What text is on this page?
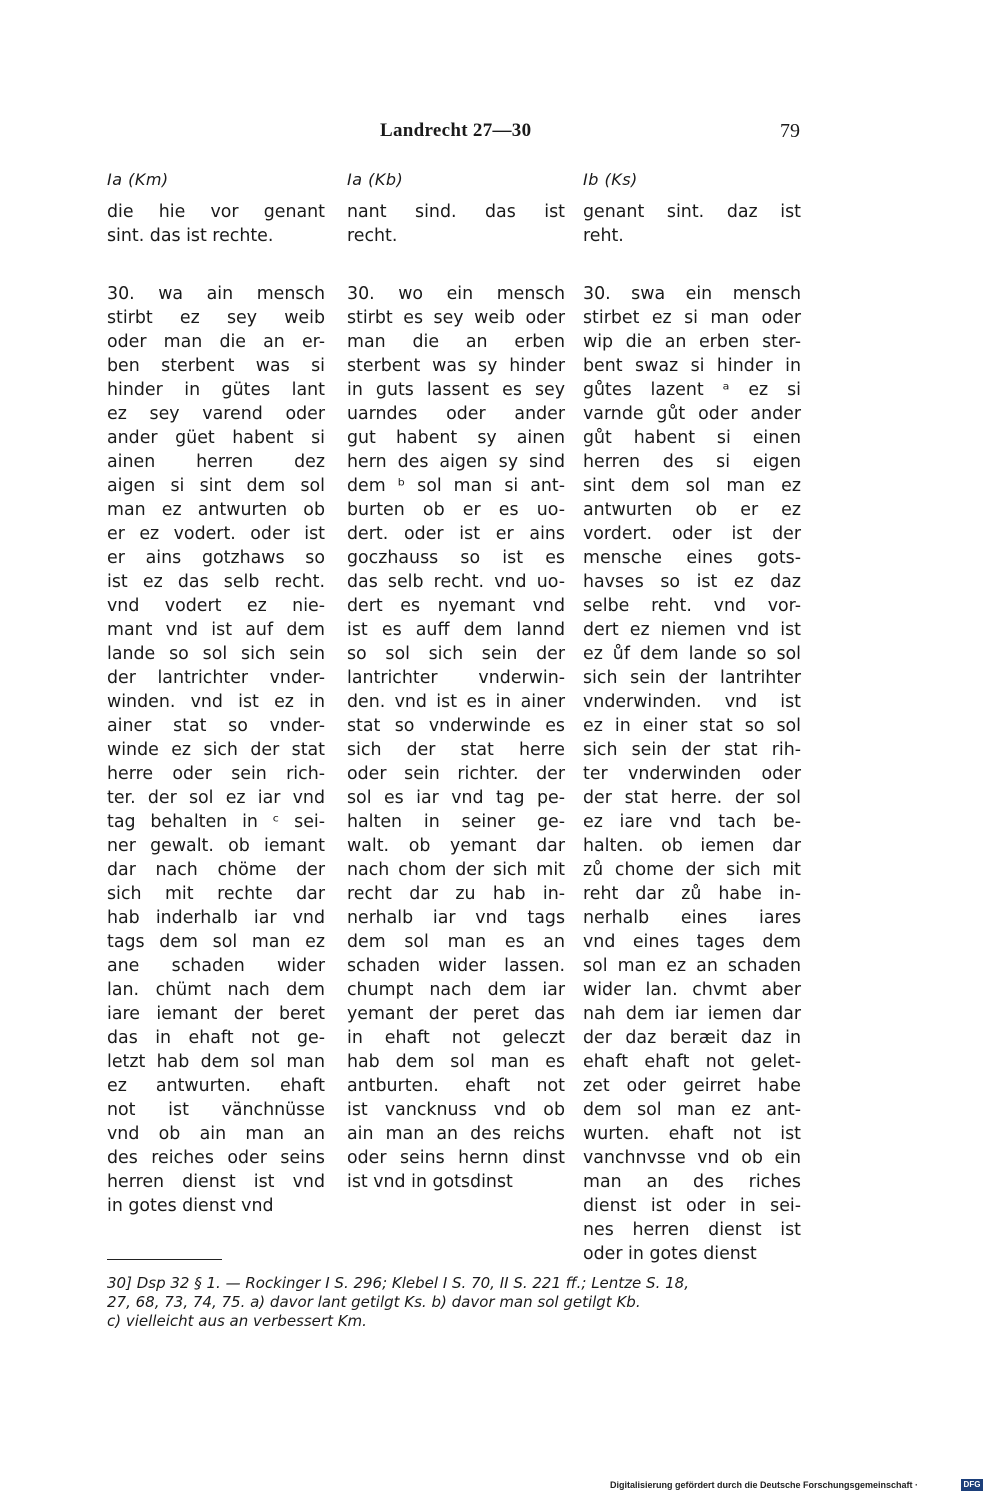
Landrecht 27—30	79
Ia (Km)
die hie vor genant
sint. das ist rechte.
30. wa ain mensch
stirbt ez sey weib
oder man die an er-
ben sterbent was si
hinder in gütes lant
ez sey varend oder
ander güet habent si
ainen herren dez
aigen si sint dem sol
man ez antwurten ob
er ez vodert. oder ist
er ains gotzhaws so
ist ez das selb recht.
vnd vodert ez nie-
mant vnd ist auf dem
lande so sol sich sein
der lantrichter vnder-
winden. vnd ist ez in
ainer stat so vnder-
winde ez sich der stat
herre oder sein rich-
ter. der sol ez iar vnd
tag behalten in ᶜ sei-
ner gewalt. ob iemant
dar nach chöme der
sich mit rechte dar
hab inderhalb iar vnd
tags dem sol man ez
ane schaden wider
lan. chümt nach dem
iare iemant der beret
das in ehaft not ge-
letzt hab dem sol man
ez antwurten. ehaft
not ist vänchnüsse
vnd ob ain man an
des reiches oder seins
herren dienst ist vnd
in gotes dienst vnd
Ia (Kb)
nant sind. das ist
recht.
30. wo ein mensch
stirbt es sey weib oder
man die an erben
sterbent was sy hinder
in guts lassent es sey
uarndes oder ander
gut habent sy ainen
hern des aigen sy sind
dem ᵇ sol man si ant-
burten ob er es uo-
dert. oder ist er ains
goczhauss so ist es
das selb recht. vnd uo-
dert es nyemant vnd
ist es auff dem lannd
so sol sich sein der
lantrichter vnderwin-
den. vnd ist es in ainer
stat so vnderwinde es
sich der stat herre
oder sein richter. der
sol es iar vnd tag pe-
halten in seiner ge-
walt. ob yemant dar
nach chom der sich mit
recht dar zu hab in-
nerhalb iar vnd tags
dem sol man es an
schaden wider lassen.
chumpt nach dem iar
yemant der peret das
in ehaft not geleczt
hab dem sol man es
antburten. ehaft not
ist vancknuss vnd ob
ain man an des reichs
oder seins hernn dinst
ist vnd in gotsdinst
Ib (Ks)
genant sint. daz ist
reht.
30. swa ein mensch
stirbet ez si man oder
wip die an erben ster-
bent swaz si hinder in
gůtes lazent ᵃ ez si
varnde gůt oder ander
gůt habent si einen
herren des si eigen
sint dem sol man ez
antwurten ob er ez
vordert. oder ist der
mensche eines gots-
havses so ist ez daz
selbe reht. vnd vor-
dert ez niemen vnd ist
ez ůf dem lande so sol
sich sein der lantrihter
vnderwinden. vnd ist
ez in einer stat so sol
sich sein der stat rih-
ter vnderwinden oder
der stat herre. der sol
ez iare vnd tach be-
halten. ob iemen dar
zů chome der sich mit
reht dar zů habe in-
nerhalb eines iares
vnd eines tages dem
sol man ez an schaden
wider lan. chvmt aber
nah dem iar iemen dar
der daz beræit daz in
ehaft ehaft not gelet-
zet oder geirret habe
dem sol man ez ant-
wurten. ehaft not ist
vanchnvsse vnd ob ein
man an des riches
dienst ist oder in sei-
nes herren dienst ist
oder in gotes dienst
30] Dsp 32 § 1. — Rockinger I S. 296; Klebel I S. 70, II S. 221 ff.; Lentze S. 18,
27, 68, 73, 74, 75. a) davor lant getilgt Ks. b) davor man sol getilgt Kb.
c) vielleicht aus an verbessert Km.
Digitalisierung gefördert durch die Deutsche Forschungsgemeinschaft ·	DFG
